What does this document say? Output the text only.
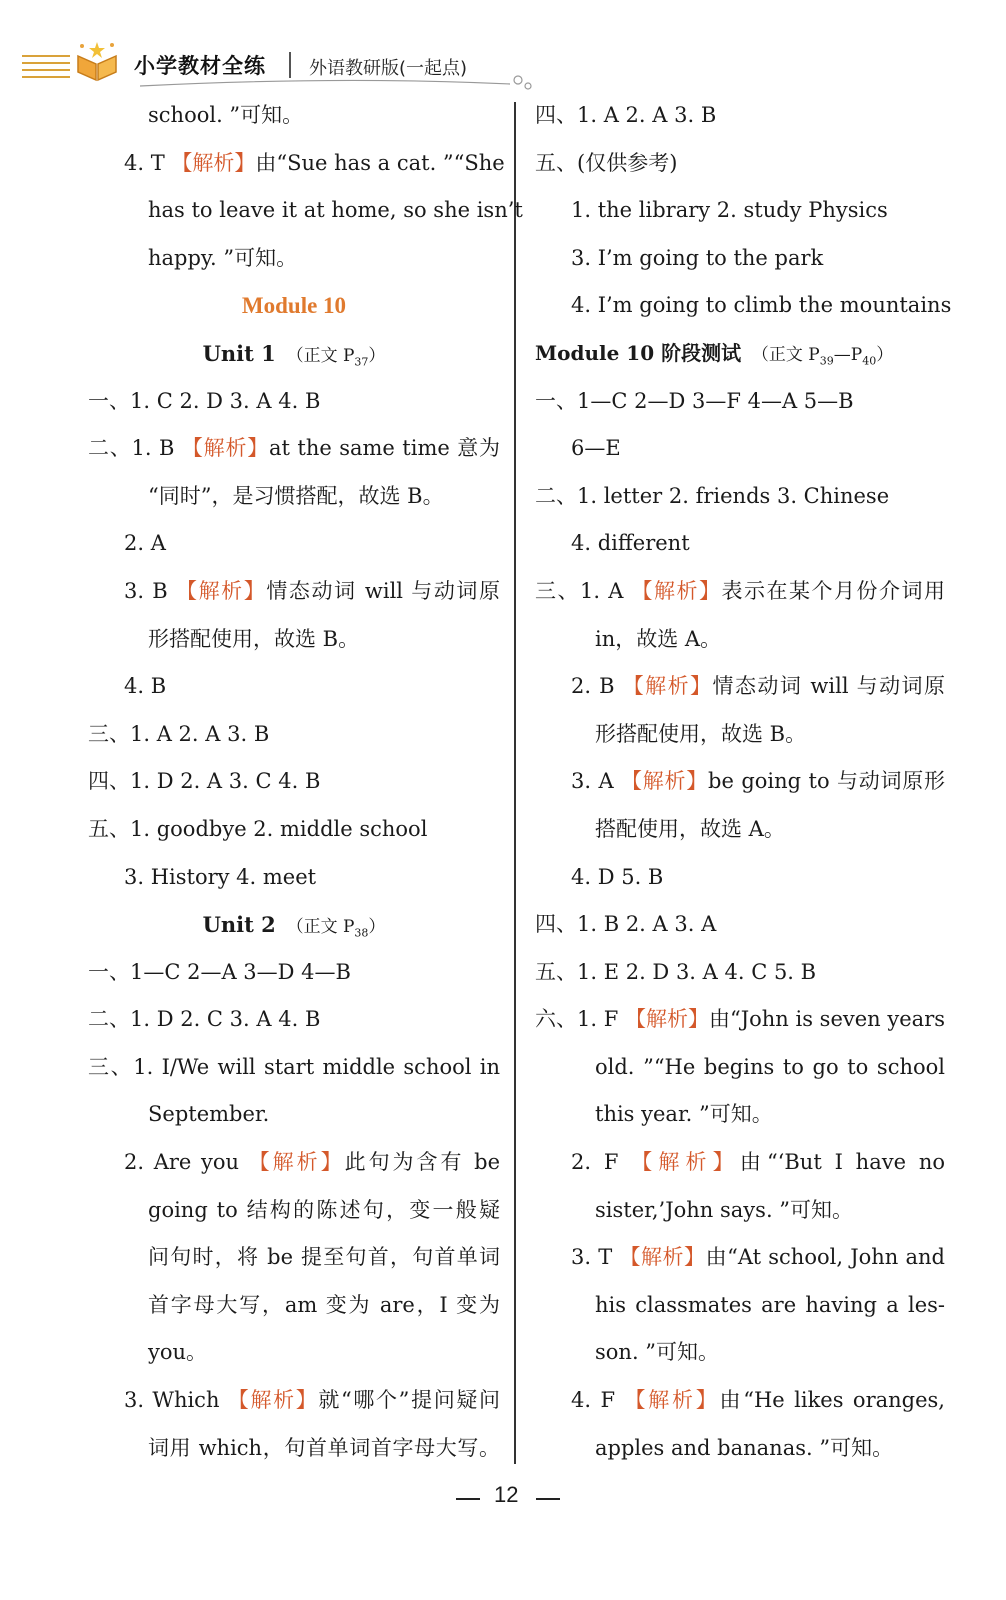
小学教材全练 外语教研版(一起点)
school. ”可知。
4. T 【解析】由“Sue has a cat. ”“She
has to leave it at home, so she isn’t
happy. ”可知。
Module 10
Unit 1 （正文 $P_{37}$）
一、1. C 2. D 3. A 4. B
二、1. B 【解析】at the same time 意为
“同时”，是习惯搭配，故选 B。
2. A
3. B 【解析】情态动词 will 与动词原
形搭配使用，故选 B。
4. B
三、1. A 2. A 3. B
四、1. D 2. A 3. C 4. B
五、1. goodbye 2. middle school
3. History 4. meet
Unit 2 （正文 $P_{38}$）
一、1—C 2—A 3—D 4—B
二、1. D 2. C 3. A 4. B
三、1. I/We will start middle school in
September.
2. Are you 【解析】此句为含有 be
going to 结构的陈述句，变一般疑
问句时，将 be 提至句首，句首单词
首字母大写，am 变为 are，I 变为
you。
3. Which 【解析】就“哪个”提问疑问
词用 which，句首单词首字母大写。
四、1. A 2. A 3. B
五、(仅供参考)
1. the library 2. study Physics
3. I’m going to the park
4. I’m going to climb the mountains
Module 10 阶段测试 （正文 $P_{39}—P_{40}$）
一、1—C 2—D 3—F 4—A 5—B
6—E
二、1. letter 2. friends 3. Chinese
4. different
三、1. A 【解析】表示在某个月份介词用
in，故选 A。
2. B 【解析】情态动词 will 与动词原
形搭配使用，故选 B。
3. A 【解析】be going to 与动词原形
搭配使用，故选 A。
4. D 5. B
四、1. B 2. A 3. A
五、1. E 2. D 3. A 4. C 5. B
六、1. F 【解析】由“John is seven years
old. ”“He begins to go to school
this year. ”可知。
2. F 【解析】由“‘But I have no
sister,’John says. ”可知。
3. T 【解析】由“At school, John and
his classmates are having a les-
son. ”可知。
4. F 【解析】由“He likes oranges,
apples and bananas. ”可知。
12
